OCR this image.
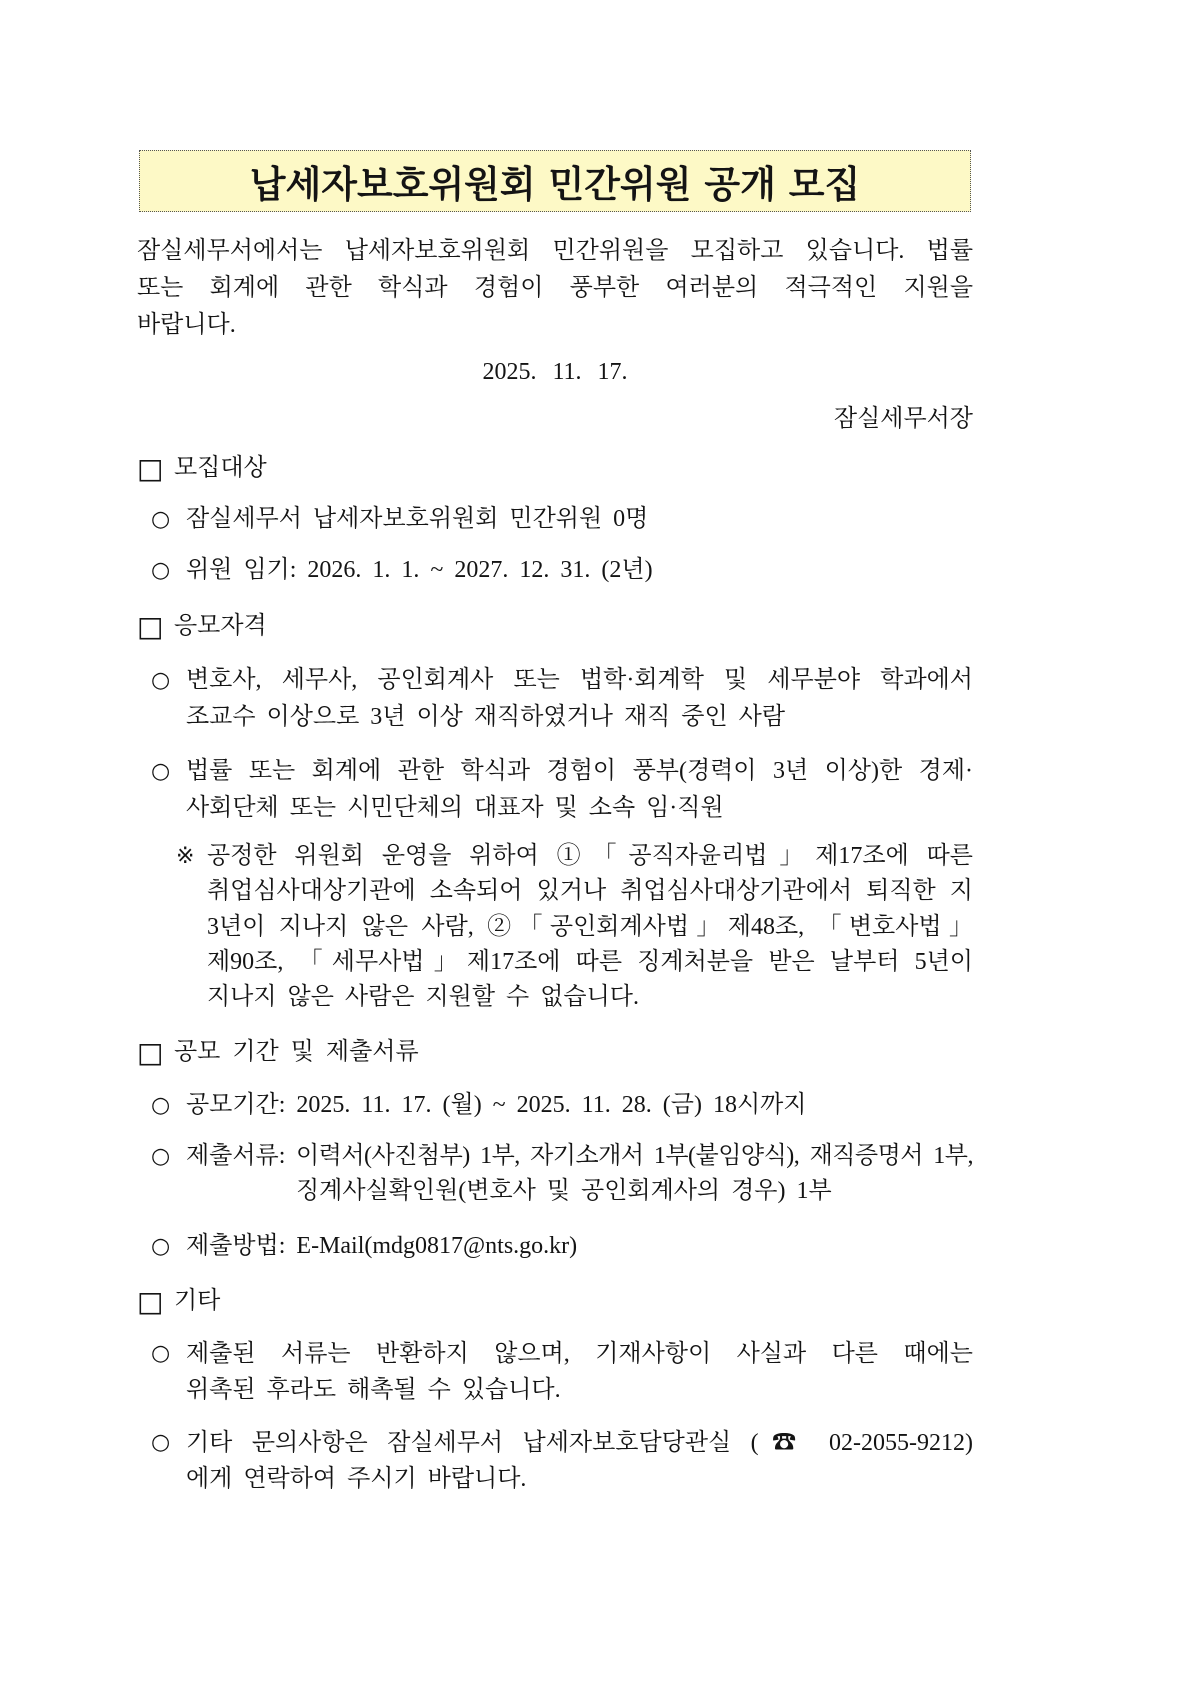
납세자보호위원회 민간위원 공개 모집
잠실세무서에서는 납세자보호위원회 민간위원을 모집하고 있습니다. 법률
또는 회계에 관한 학식과 경험이 풍부한 여러분의 적극적인 지원을
바랍니다.
2025. 11. 17.
잠실세무서장
□ 모집대상
○ 잠실세무서 납세자보호위원회 민간위원 0명
○ 위원 임기: 2026. 1. 1. ~ 2027. 12. 31. (2년)
□ 응모자격
○ 변호사, 세무사, 공인회계사 또는 법학·회계학 및 세무분야 학과에서
조교수 이상으로 3년 이상 재직하였거나 재직 중인 사람
○ 법률 또는 회계에 관한 학식과 경험이 풍부(경력이 3년 이상)한 경제·
사회단체 또는 시민단체의 대표자 및 소속 임·직원
※ 공정한 위원회 운영을 위하여 ①「공직자윤리법」제17조에 따른
취업심사대상기관에 소속되어 있거나 취업심사대상기관에서 퇴직한 지
3년이 지나지 않은 사람, ②「공인회계사법」제48조, 「변호사법」
제90조, 「세무사법」제17조에 따른 징계처분을 받은 날부터 5년이
지나지 않은 사람은 지원할 수 없습니다.
□ 공모 기간 및 제출서류
○ 공모기간: 2025. 11. 17. (월) ~ 2025. 11. 28. (금) 18시까지
○ 제출서류: 이력서(사진첨부) 1부, 자기소개서 1부(붙임양식), 재직증명서 1부,
징계사실확인원(변호사 및 공인회계사의 경우) 1부
○ 제출방법: E-Mail(mdg0817@nts.go.kr)
□ 기타
○ 제출된 서류는 반환하지 않으며, 기재사항이 사실과 다른 때에는
위촉된 후라도 해촉될 수 있습니다.
○ 기타 문의사항은 잠실세무서 납세자보호담당관실 (☎ 02-2055-9212)
에게 연락하여 주시기 바랍니다.
